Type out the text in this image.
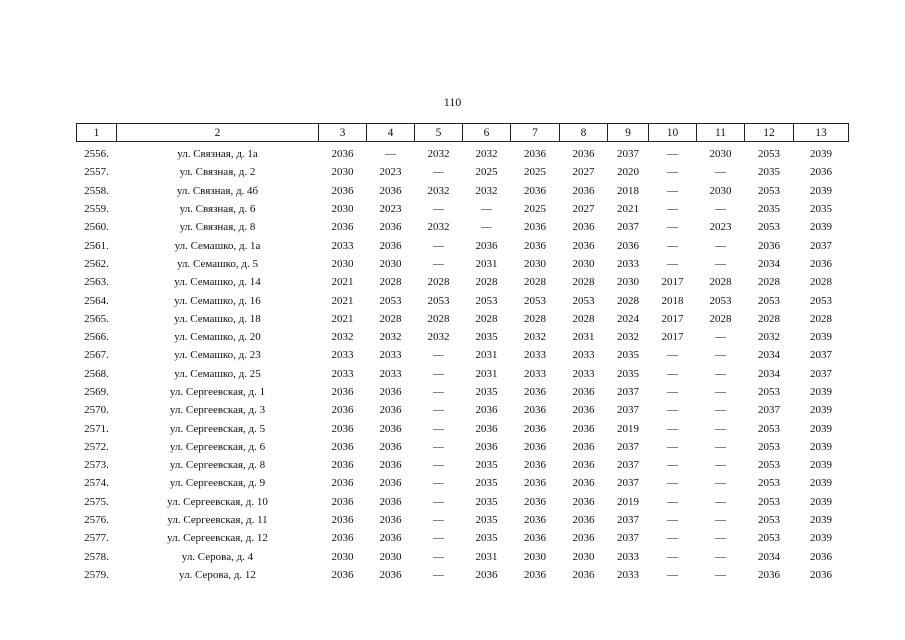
110
1	2	3	4	5	6	7	8	9	10	11	12	13
2556.	ул. Связная, д. 1а	2036	—	2032	2032	2036	2036	2037	—	2030	2053	2039
2557.	ул. Связная, д. 2	2030	2023	—	2025	2025	2027	2020	—	—	2035	2036
2558.	ул. Связная, д. 4б	2036	2036	2032	2032	2036	2036	2018	—	2030	2053	2039
2559.	ул. Связная, д. 6	2030	2023	—	—	2025	2027	2021	—	—	2035	2035
2560.	ул. Связная, д. 8	2036	2036	2032	—	2036	2036	2037	—	2023	2053	2039
2561.	ул. Семашко, д. 1а	2033	2036	—	2036	2036	2036	2036	—	—	2036	2037
2562.	ул. Семашко, д. 5	2030	2030	—	2031	2030	2030	2033	—	—	2034	2036
2563.	ул. Семашко, д. 14	2021	2028	2028	2028	2028	2028	2030	2017	2028	2028	2028
2564.	ул. Семашко, д. 16	2021	2053	2053	2053	2053	2053	2028	2018	2053	2053	2053
2565.	ул. Семашко, д. 18	2021	2028	2028	2028	2028	2028	2024	2017	2028	2028	2028
2566.	ул. Семашко, д. 20	2032	2032	2032	2035	2032	2031	2032	2017	—	2032	2039
2567.	ул. Семашко, д. 23	2033	2033	—	2031	2033	2033	2035	—	—	2034	2037
2568.	ул. Семашко, д. 25	2033	2033	—	2031	2033	2033	2035	—	—	2034	2037
2569.	ул. Сергеевская, д. 1	2036	2036	—	2035	2036	2036	2037	—	—	2053	2039
2570.	ул. Сергеевская, д. 3	2036	2036	—	2036	2036	2036	2037	—	—	2037	2039
2571.	ул. Сергеевская, д. 5	2036	2036	—	2036	2036	2036	2019	—	—	2053	2039
2572.	ул. Сергеевская, д. 6	2036	2036	—	2036	2036	2036	2037	—	—	2053	2039
2573.	ул. Сергеевская, д. 8	2036	2036	—	2035	2036	2036	2037	—	—	2053	2039
2574.	ул. Сергеевская, д. 9	2036	2036	—	2035	2036	2036	2037	—	—	2053	2039
2575.	ул. Сергеевская, д. 10	2036	2036	—	2035	2036	2036	2019	—	—	2053	2039
2576.	ул. Сергеевская, д. 11	2036	2036	—	2035	2036	2036	2037	—	—	2053	2039
2577.	ул. Сергеевская, д. 12	2036	2036	—	2035	2036	2036	2037	—	—	2053	2039
2578.	ул. Серова, д. 4	2030	2030	—	2031	2030	2030	2033	—	—	2034	2036
2579.	ул. Серова, д. 12	2036	2036	—	2036	2036	2036	2033	—	—	2036	2036
